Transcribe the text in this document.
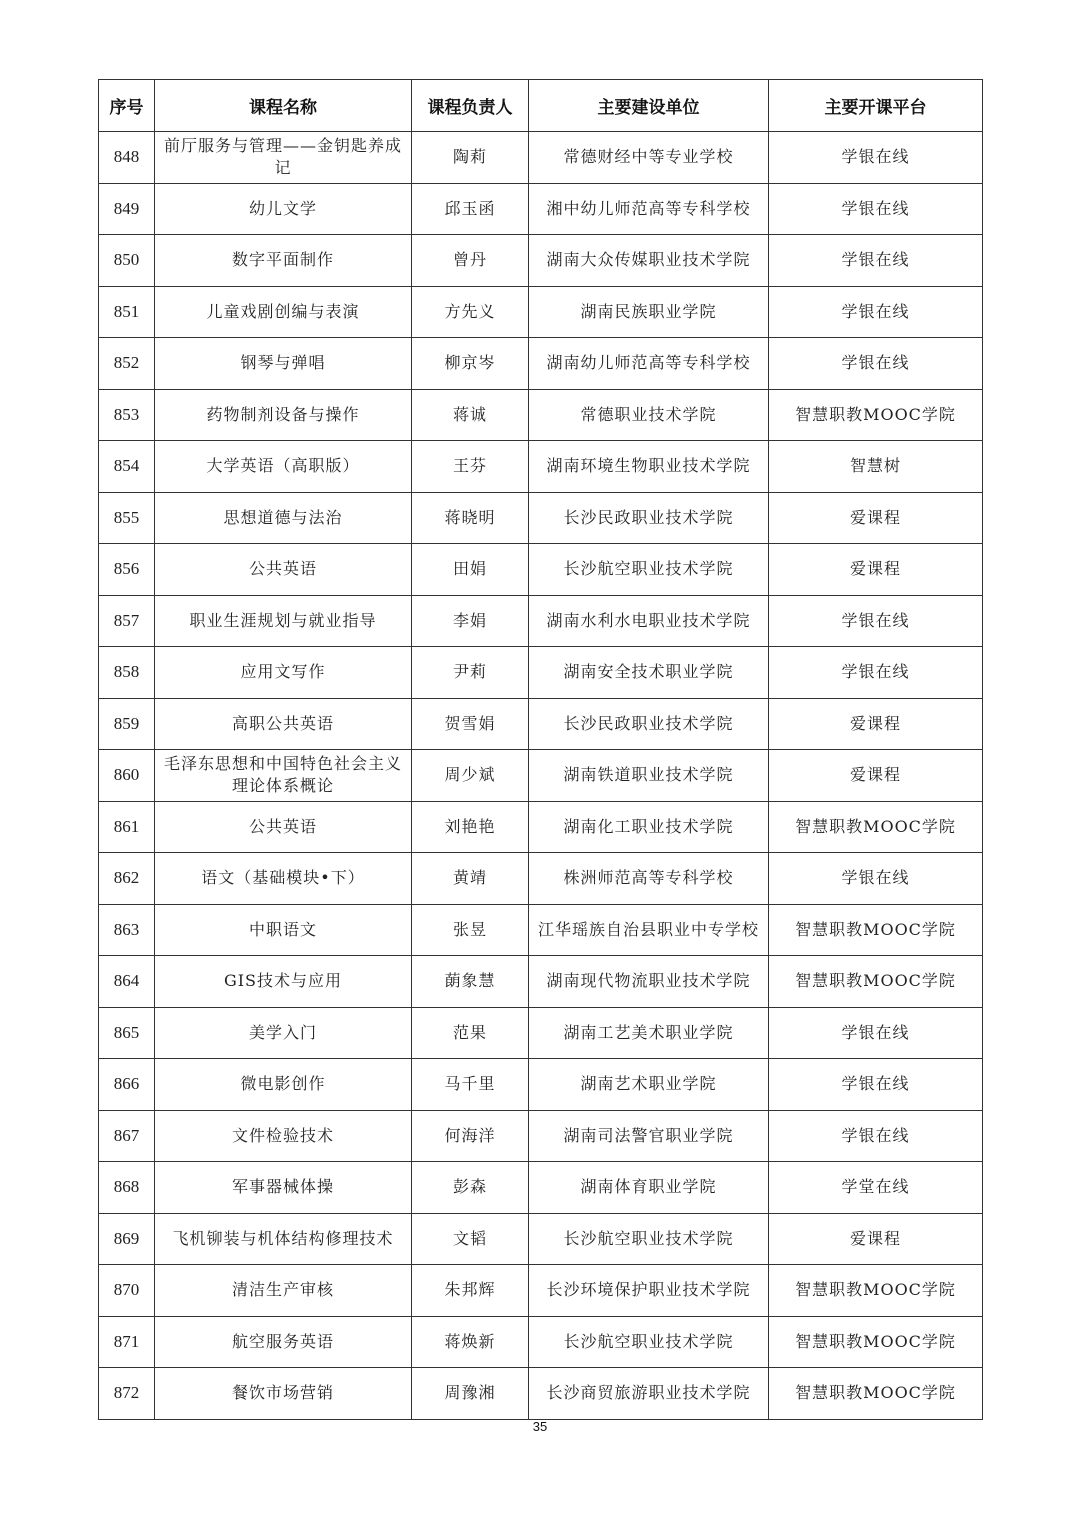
序号	课程名称	课程负责人	主要建设单位	主要开课平台
848	前厅服务与管理——金钥匙养成记	陶莉	常德财经中等专业学校	学银在线
849	幼儿文学	邱玉函	湘中幼儿师范高等专科学校	学银在线
850	数字平面制作	曾丹	湖南大众传媒职业技术学院	学银在线
851	儿童戏剧创编与表演	方先义	湖南民族职业学院	学银在线
852	钢琴与弹唱	柳京岑	湖南幼儿师范高等专科学校	学银在线
853	药物制剂设备与操作	蒋诚	常德职业技术学院	智慧职教MOOC学院
854	大学英语（高职版）	王芬	湖南环境生物职业技术学院	智慧树
855	思想道德与法治	蒋晓明	长沙民政职业技术学院	爱课程
856	公共英语	田娟	长沙航空职业技术学院	爱课程
857	职业生涯规划与就业指导	李娟	湖南水利水电职业技术学院	学银在线
858	应用文写作	尹莉	湖南安全技术职业学院	学银在线
859	高职公共英语	贺雪娟	长沙民政职业技术学院	爱课程
860	毛泽东思想和中国特色社会主义理论体系概论	周少斌	湖南铁道职业技术学院	爱课程
861	公共英语	刘艳艳	湖南化工职业技术学院	智慧职教MOOC学院
862	语文（基础模块•下）	黄靖	株洲师范高等专科学校	学银在线
863	中职语文	张昱	江华瑶族自治县职业中专学校	智慧职教MOOC学院
864	GIS技术与应用	蓢象慧	湖南现代物流职业技术学院	智慧职教MOOC学院
865	美学入门	范果	湖南工艺美术职业学院	学银在线
866	微电影创作	马千里	湖南艺术职业学院	学银在线
867	文件检验技术	何海洋	湖南司法警官职业学院	学银在线
868	军事器械体操	彭森	湖南体育职业学院	学堂在线
869	飞机铆装与机体结构修理技术	文韬	长沙航空职业技术学院	爱课程
870	清洁生产审核	朱邦辉	长沙环境保护职业技术学院	智慧职教MOOC学院
871	航空服务英语	蒋焕新	长沙航空职业技术学院	智慧职教MOOC学院
872	餐饮市场营销	周豫湘	长沙商贸旅游职业技术学院	智慧职教MOOC学院
35
